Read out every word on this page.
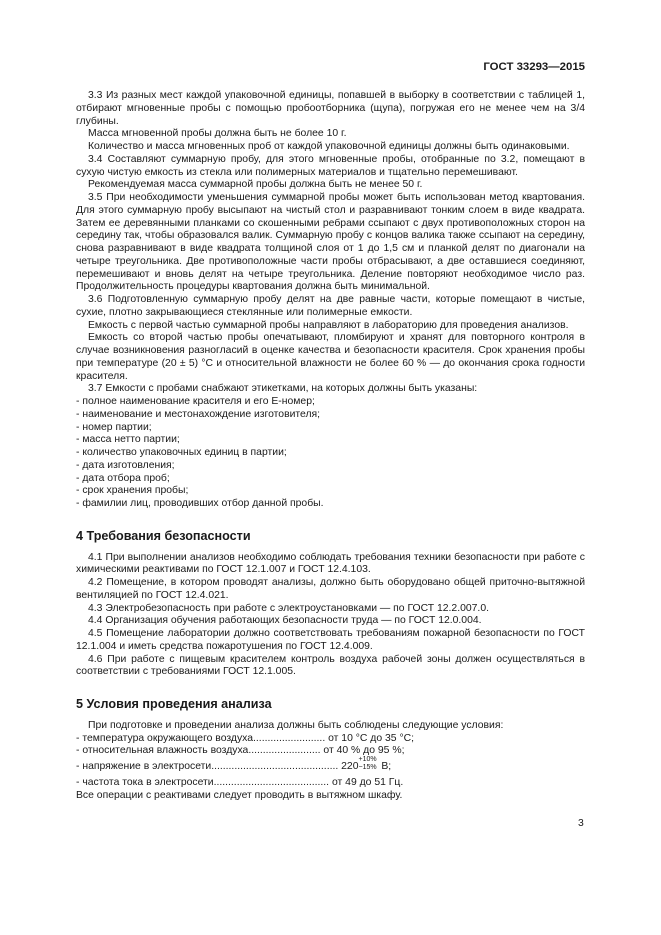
ГОСТ 33293—2015

3.3 Из разных мест каждой упаковочной единицы, попавшей в выборку в соответствии с таблицей 1, отбирают мгновенные пробы с помощью пробоотборника (щупа), погружая его не менее чем на 3/4 глубины.

Масса мгновенной пробы должна быть не более 10 г.

Количество и масса мгновенных проб от каждой упаковочной единицы должны быть одинаковыми.

3.4 Составляют суммарную пробу, для этого мгновенные пробы, отобранные по 3.2, помещают в сухую чистую емкость из стекла или полимерных материалов и тщательно перемешивают.

Рекомендуемая масса суммарной пробы должна быть не менее 50 г.

3.5 При необходимости уменьшения суммарной пробы может быть использован метод квартования. Для этого суммарную пробу высыпают на чистый стол и разравнивают тонким слоем в виде квадрата. Затем ее деревянными планками со скошенными ребрами ссыпают с двух противоположных сторон на середину так, чтобы образовался валик. Суммарную пробу с концов валика также ссыпают на середину, снова разравнивают в виде квадрата толщиной слоя от 1 до 1,5 см и планкой делят по диагонали на четыре треугольника. Две противоположные части пробы отбрасывают, а две оставшиеся соединяют, перемешивают и вновь делят на четыре треугольника. Деление повторяют необходимое число раз. Продолжительность процедуры квартования должна быть минимальной.

3.6 Подготовленную суммарную пробу делят на две равные части, которые помещают в чистые, сухие, плотно закрывающиеся стеклянные или полимерные емкости.

Емкость с первой частью суммарной пробы направляют в лабораторию для проведения анализов.

Емкость со второй частью пробы опечатывают, пломбируют и хранят для повторного контроля в случае возникновения разногласий в оценке качества и безопасности красителя. Срок хранения пробы при температуре (20 ± 5) °С и относительной влажности не более 60 % — до окончания срока годности красителя.

3.7 Емкости с пробами снабжают этикетками, на которых должны быть указаны:

- полное наименование красителя и его Е-номер;

- наименование и местонахождение изготовителя;

- номер партии;

- масса нетто партии;

- количество упаковочных единиц в партии;

- дата изготовления;

- дата отбора проб;

- срок хранения пробы;

- фамилии лиц, проводивших отбор данной пробы.

4 Требования безопасности

4.1 При выполнении анализов необходимо соблюдать требования техники безопасности при работе с химическими реактивами по ГОСТ 12.1.007 и ГОСТ 12.4.103.

4.2 Помещение, в котором проводят анализы, должно быть оборудовано общей приточно-вытяжной вентиляцией по ГОСТ 12.4.021.

4.3 Электробезопасность при работе с электроустановками — по ГОСТ 12.2.007.0.

4.4 Организация обучения работающих безопасности труда — по ГОСТ 12.0.004.

4.5 Помещение лаборатории должно соответствовать требованиям пожарной безопасности по ГОСТ 12.1.004 и иметь средства пожаротушения по ГОСТ 12.4.009.

4.6 При работе с пищевым красителем контроль воздуха рабочей зоны должен осуществляться в соответствии с требованиями ГОСТ 12.1.005.

5 Условия проведения анализа

При подготовке и проведении анализа должны быть соблюдены следующие условия:

- температура окружающего воздуха......................... от 10 °С до 35 °С;

- относительная влажность воздуха......................... от 40 % до 95 %;

- напряжение в электросети............................................ 220
+10%
−15% В;

- частота тока в электросети........................................ от 49 до 51 Гц.

Все операции с реактивами следует проводить в вытяжном шкафу.

3
